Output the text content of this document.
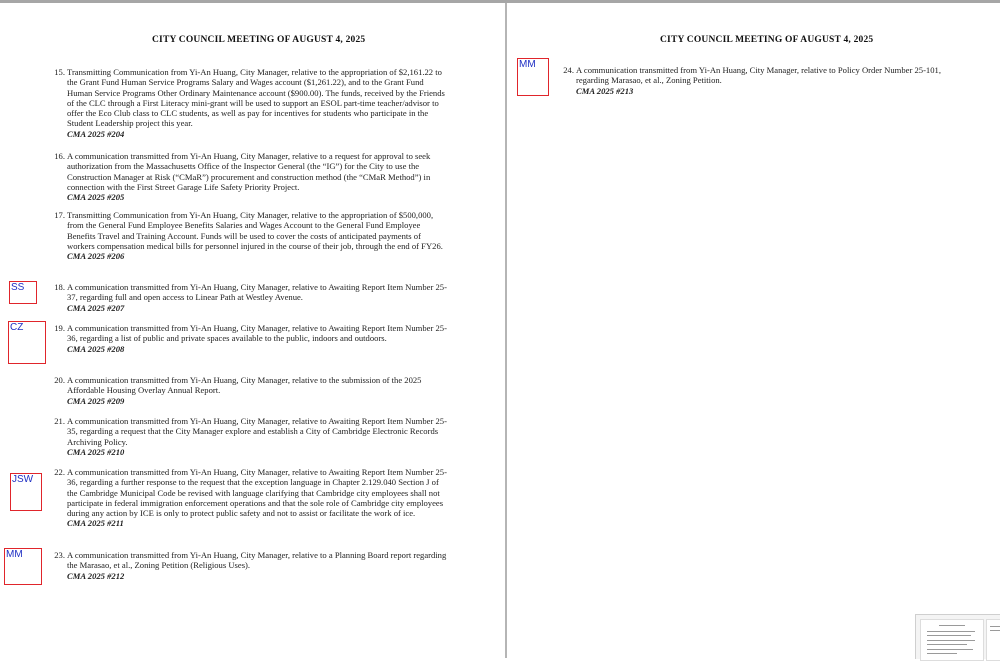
CITY COUNCIL MEETING OF AUGUST 4, 2025
15. Transmitting Communication from Yi-An Huang, City Manager, relative to the appropriation of $2,161.22 to the Grant Fund Human Service Programs Salary and Wages account ($1,261.22), and to the Grant Fund Human Service Programs Other Ordinary Maintenance account ($900.00). The funds, received by the Friends of the CLC through a First Literacy mini-grant will be used to support an ESOL part-time teacher/advisor to offer the Eco Club class to CLC students, as well as pay for incentives for students who participate in the Student Leadership project this year.
CMA 2025 #204
16. A communication transmitted from Yi-An Huang, City Manager, relative to a request for approval to seek authorization from the Massachusetts Office of the Inspector General (the “IG”) for the City to use the Construction Manager at Risk (“CMaR”) procurement and construction method (the “CMaR Method”) in connection with the First Street Garage Life Safety Priority Project.
CMA 2025 #205
17. Transmitting Communication from Yi-An Huang, City Manager, relative to the appropriation of $500,000, from the General Fund Employee Benefits Salaries and Wages Account to the General Fund Employee Benefits Travel and Training Account. Funds will be used to cover the costs of anticipated payments of workers compensation medical bills for personnel injured in the course of their job, through the end of FY26.
CMA 2025 #206
18. A communication transmitted from Yi-An Huang, City Manager, relative to Awaiting Report Item Number 25-37, regarding full and open access to Linear Path at Westley Avenue.
CMA 2025 #207
19. A communication transmitted from Yi-An Huang, City Manager, relative to Awaiting Report Item Number 25-36, regarding a list of public and private spaces available to the public, indoors and outdoors.
CMA 2025 #208
20. A communication transmitted from Yi-An Huang, City Manager, relative to the submission of the 2025 Affordable Housing Overlay Annual Report.
CMA 2025 #209
21. A communication transmitted from Yi-An Huang, City Manager, relative to Awaiting Report Item Number 25-35, regarding a request that the City Manager explore and establish a City of Cambridge Electronic Records Archiving Policy.
CMA 2025 #210
22. A communication transmitted from Yi-An Huang, City Manager, relative to Awaiting Report Item Number 25-36, regarding a further response to the request that the exception language in Chapter 2.129.040 Section J of the Cambridge Municipal Code be revised with language clarifying that Cambridge city employees shall not participate in federal immigration enforcement operations and that the sole role of Cambridge city employees during any action by ICE is only to protect public safety and not to assist or facilitate the work of ice.
CMA 2025 #211
23. A communication transmitted from Yi-An Huang, City Manager, relative to a Planning Board report regarding the Marasao, et al., Zoning Petition (Religious Uses).
CMA 2025 #212
SS
CZ
JSW
MM
CITY COUNCIL MEETING OF AUGUST 4, 2025
24. A communication transmitted from Yi-An Huang, City Manager, relative to Policy Order Number 25-101, regarding Marasao, et al., Zoning Petition.
CMA 2025 #213
MM
